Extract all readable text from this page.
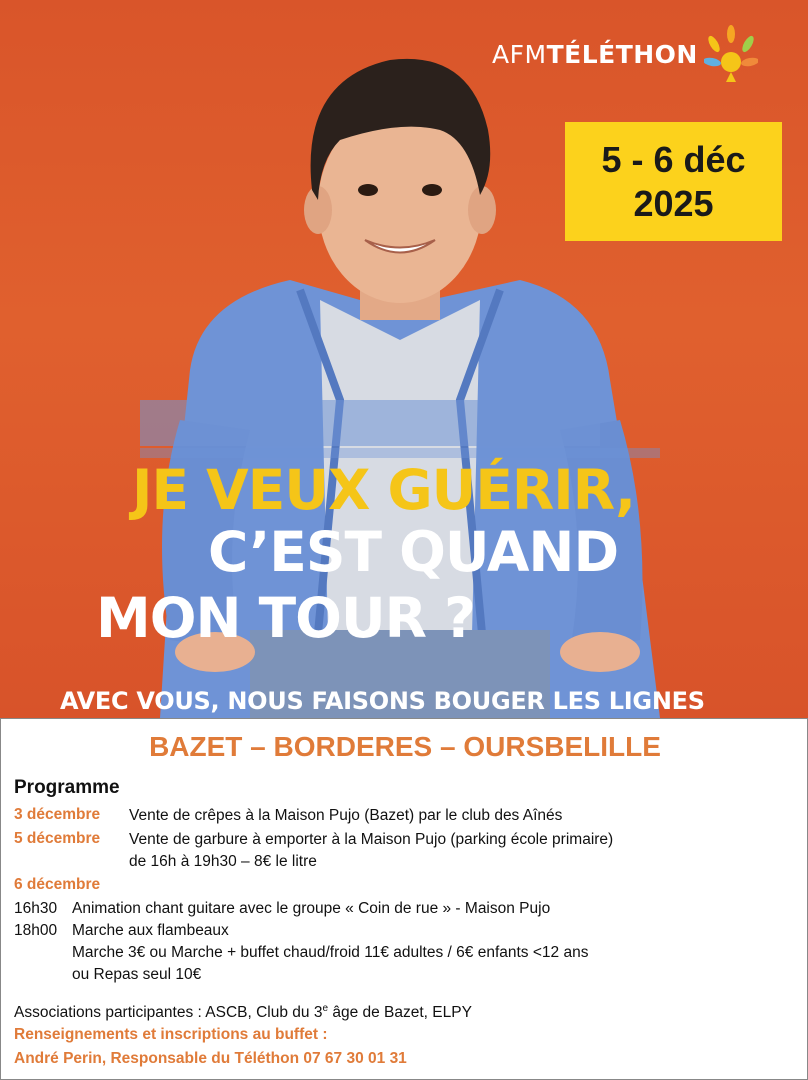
AFMTÉLÉTHON
5 - 6 déc
2025
JE VEUX GUÉRIR,
C’EST QUAND
MON TOUR ?
AVEC VOUS, NOUS FAISONS BOUGER LES LIGNES
BAZET – BORDERES – OURSBELILLE
Programme
3 décembre Vente de crêpes à la Maison Pujo (Bazet) par le club des Aînés
5 décembre Vente de garbure à emporter à la Maison Pujo (parking école primaire)
de 16h à 19h30 – 8€ le litre
6 décembre
16h30 Animation chant guitare avec le groupe « Coin de rue » - Maison Pujo
18h00 Marche aux flambeaux
Marche 3€ ou Marche + buffet chaud/froid 11€ adultes / 6€ enfants <12 ans
ou Repas seul 10€
Associations participantes : ASCB, Club du 3e âge de Bazet, ELPY
Renseignements et inscriptions au buffet :
André Perin, Responsable du Téléthon 07 67 30 01 31
